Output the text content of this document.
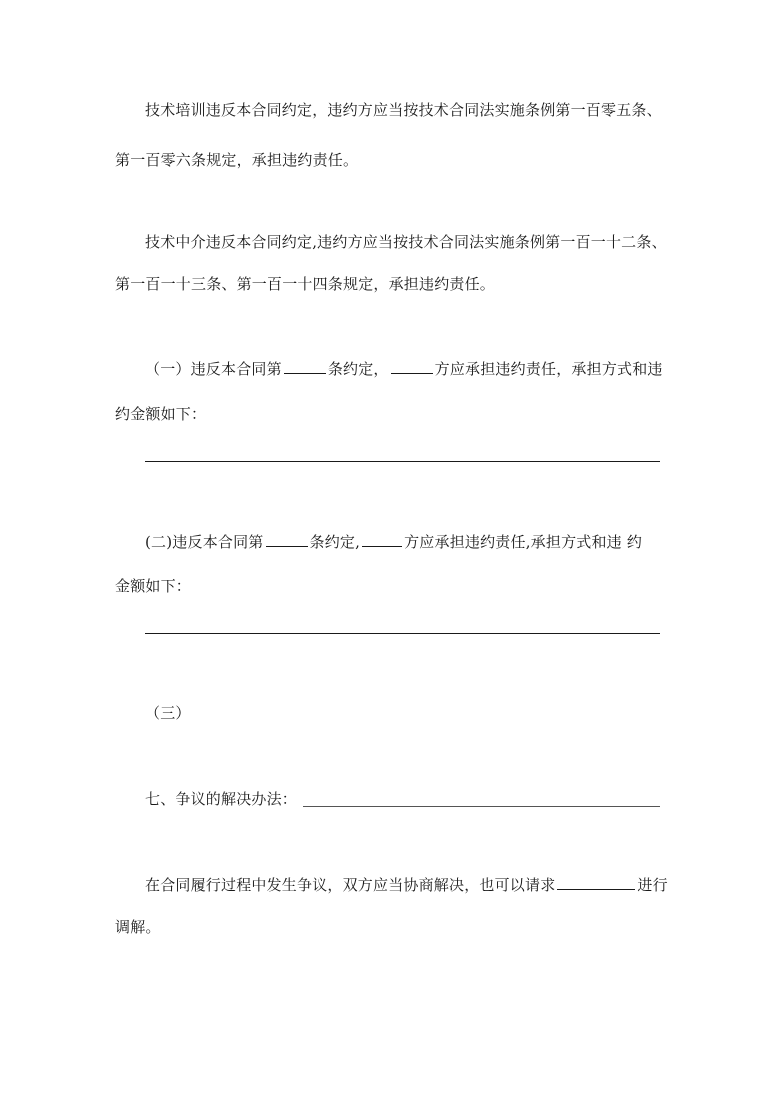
技术培训违反本合同约定，违约方应当按技术合同法实施条例第一百零五条、
第一百零六条规定，承担违约责任。
技术中介违反本合同约定,违约方应当按技术合同法实施条例第一百一十二条、
第一百一十三条、第一百一十四条规定，承担违约责任。
（一）违反本合同第	条约定，	方应承担违约责任，承担方式和违
约金额如下：
(二)违反本合同第	条约定,	方应承担违约责任,承担方式和违 约
金额如下：
（三）
七、争议的解决办法：
在合同履行过程中发生争议，双方应当协商解决，也可以请求	进行
调解。
